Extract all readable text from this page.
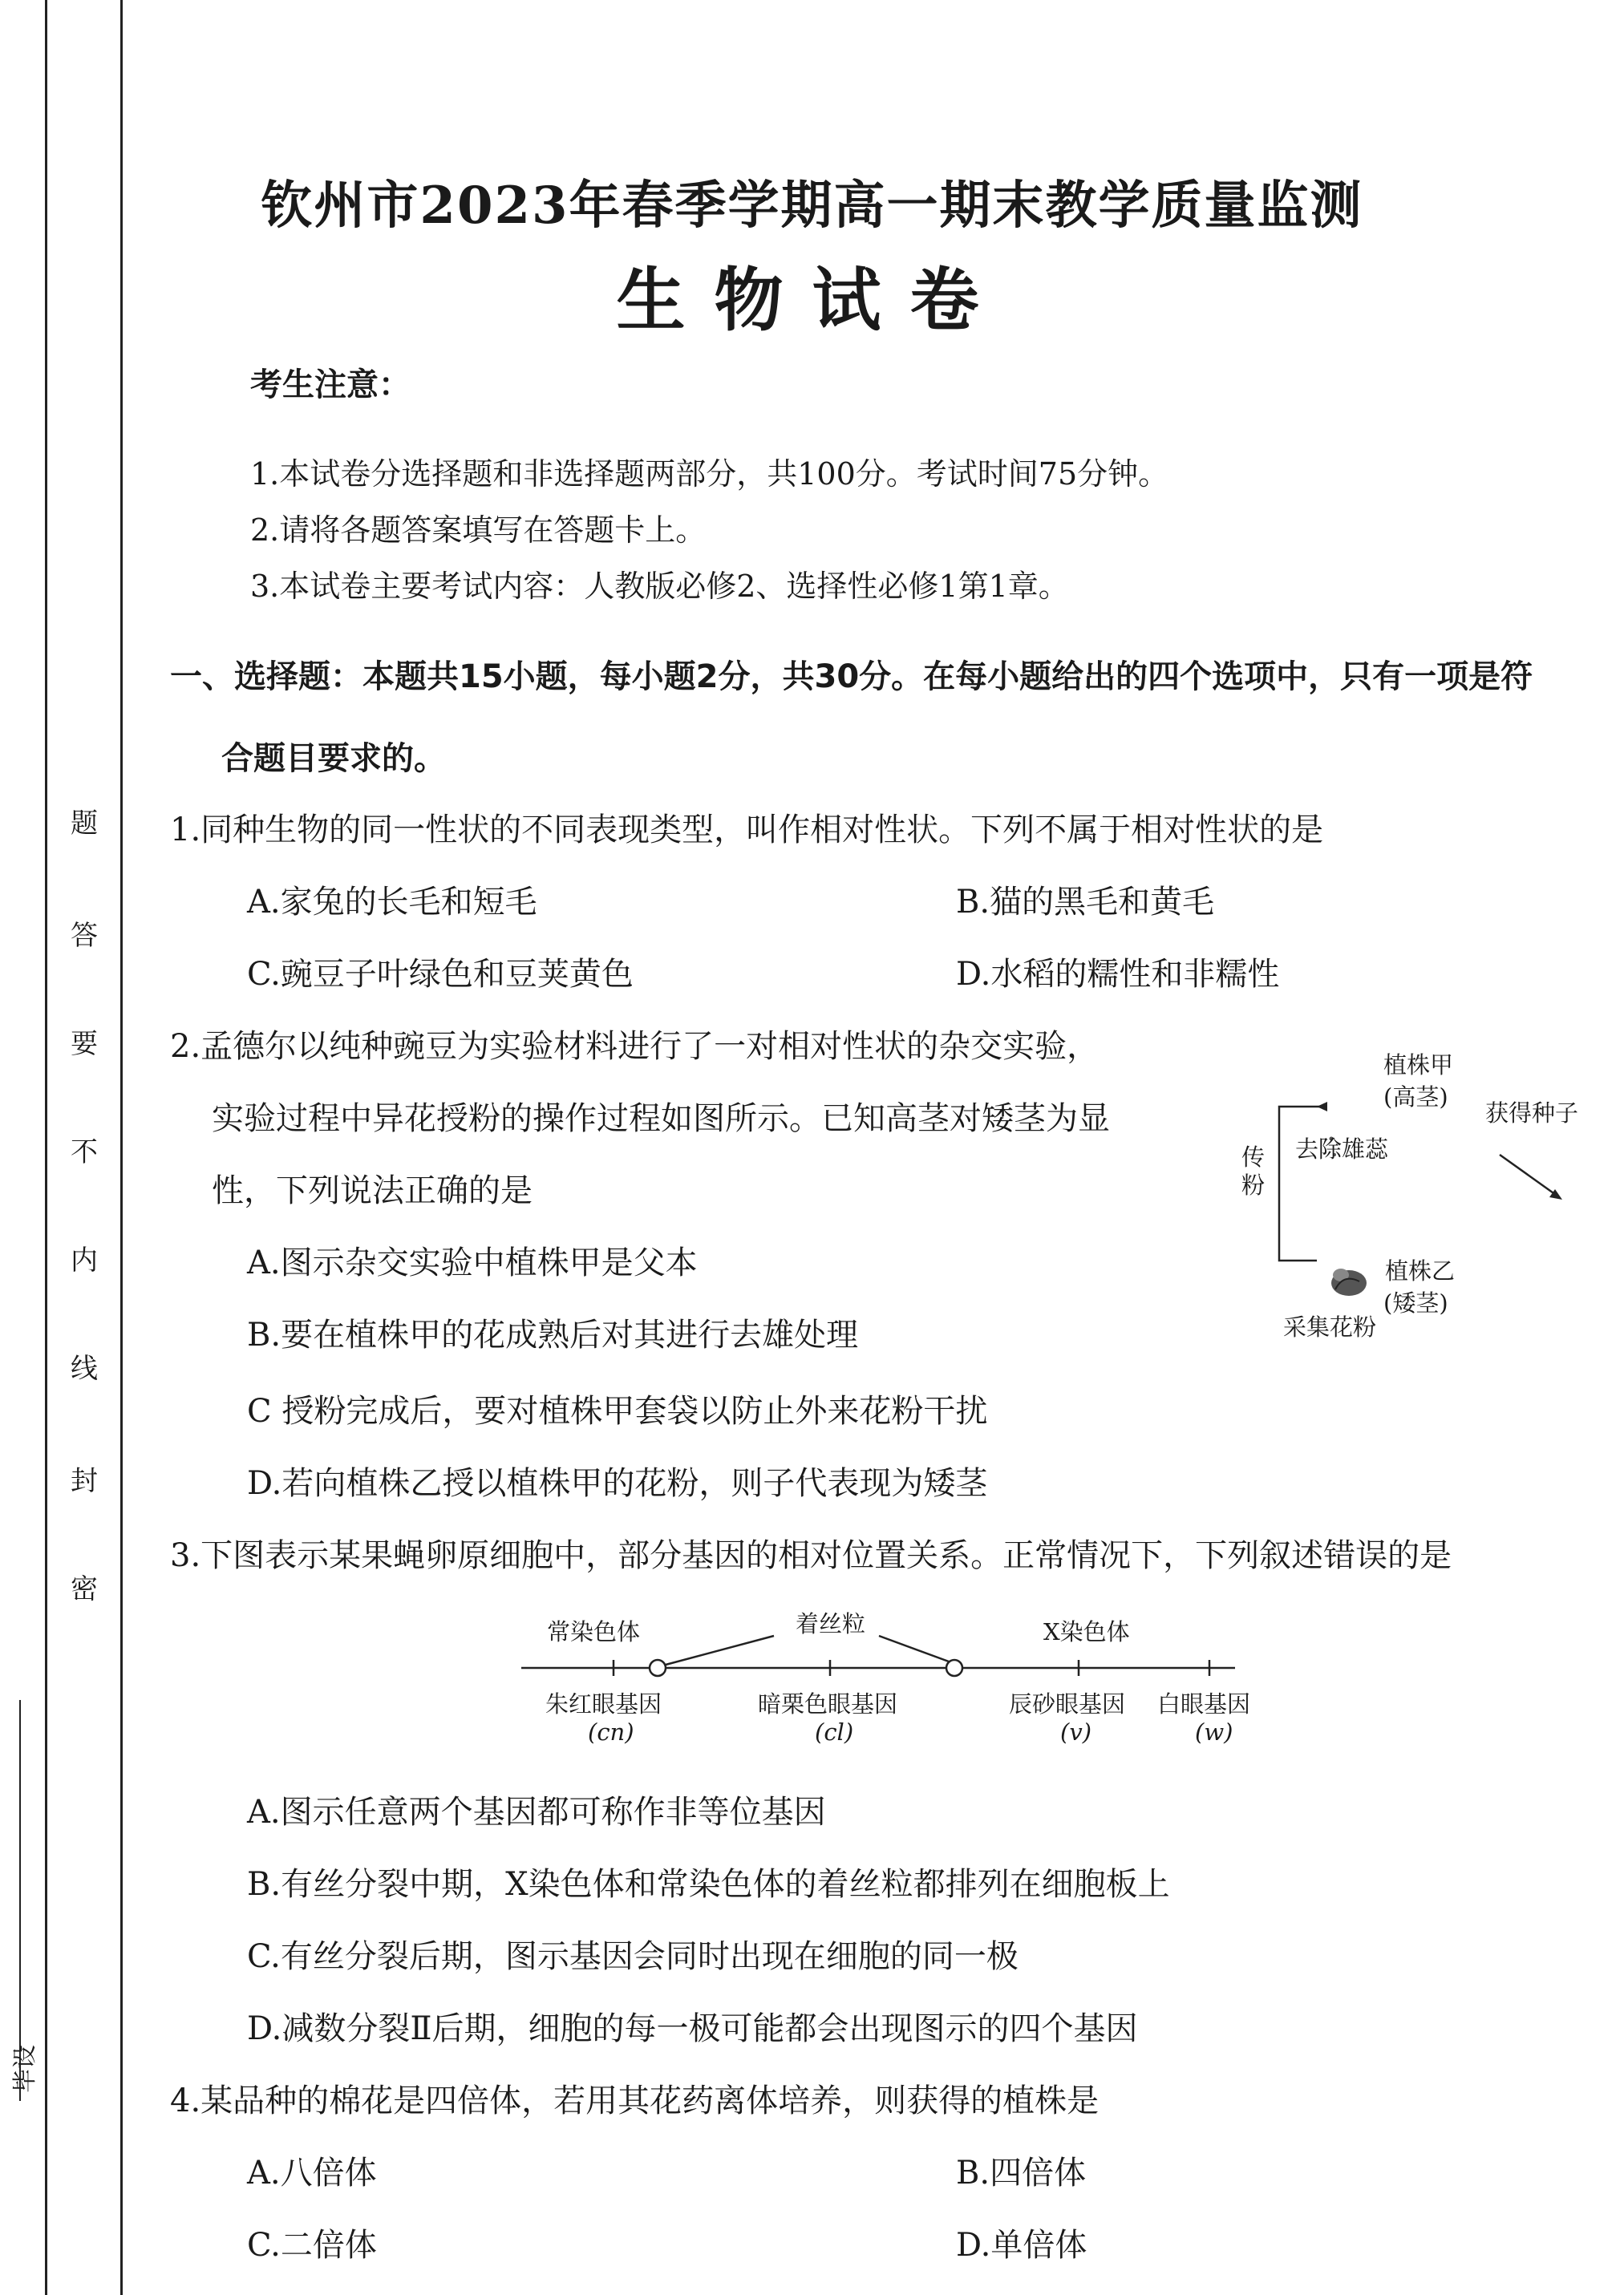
毕设
题
答
要
不
内
线
封
密
钦州市2023年春季学期高一期末教学质量监测
生物试卷
考生注意：
1.本试卷分选择题和非选择题两部分，共100分。考试时间75分钟。
2.请将各题答案填写在答题卡上。
3.本试卷主要考试内容：人教版必修2、选择性必修1第1章。
一、选择题：本题共15小题，每小题2分，共30分。在每小题给出的四个选项中，只有一项是符
合题目要求的。
1.同种生物的同一性状的不同表现类型，叫作相对性状。下列不属于相对性状的是
A.家兔的长毛和短毛	B.猫的黑毛和黄毛
C.豌豆子叶绿色和豆荚黄色	D.水稻的糯性和非糯性
2.孟德尔以纯种豌豆为实验材料进行了一对相对性状的杂交实验，
实验过程中异花授粉的操作过程如图所示。已知高茎对矮茎为显
性，下列说法正确的是
A.图示杂交实验中植株甲是父本
B.要在植株甲的花成熟后对其进行去雄处理
C 授粉完成后，要对植株甲套袋以防止外来花粉干扰
D.若向植株乙授以植株甲的花粉，则子代表现为矮茎
植株甲
(高茎)
获得种子
去除雄蕊
传
粉
植株乙
(矮茎)
采集花粉
3.下图表示某果蝇卵原细胞中，部分基因的相对位置关系。正常情况下，下列叙述错误的是
常染色体	着丝粒	X染色体
朱红眼基因
(cn)
暗栗色眼基因
(cl)
辰砂眼基因
(v)
白眼基因
(w)
A.图示任意两个基因都可称作非等位基因
B.有丝分裂中期，X染色体和常染色体的着丝粒都排列在细胞板上
C.有丝分裂后期，图示基因会同时出现在细胞的同一极
D.减数分裂Ⅱ后期，细胞的每一极可能都会出现图示的四个基因
4.某品种的棉花是四倍体，若用其花药离体培养，则获得的植株是
A.八倍体	B.四倍体
C.二倍体	D.单倍体
